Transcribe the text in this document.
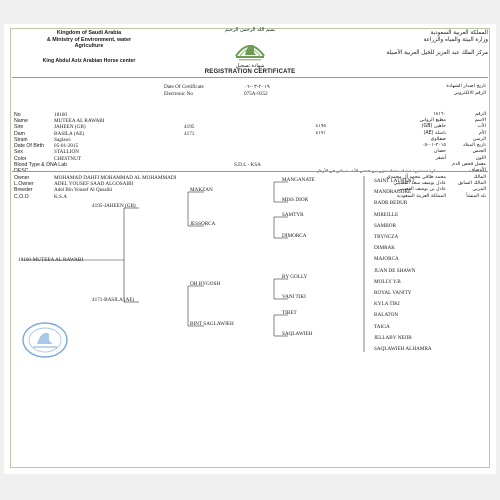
Kingdom of Saudi Arabia
& Ministry of Environment, water
Agriculture
King Abdul Aziz Arabian Horse center
بسم الله الرحمن الرحيم	المملكة العربية السعودية
وزارة البيئة والمياه والزراعة
مركز الملك عبد العزيز للخيل العربية الأصيلة
شهادة تسجيل
REGISTRATION CERTIFICATE
Date Of Certificate	٢٠١٩-٠٣-٠٦	تاريخ اصدار الشهادة
Electronic No	075A-9352	الرقم الالكتروني
No	18160	١٨١٦٠	الرقم
Name	MUTEEA AL RAWABI	مطيع الروابي	الاسم
Sire	JAHEEN (GB)	4195	٤١٩٥	جاهين (GB)	الأب
Dam	BASILA (AE)	4171	٤١٧١	باسلة (AE)	الأم
Strain	Saglawi	صقلاوي	الرسن
Date Of Birth 05-01-2015	٢٠١٥-٠١-٠٥	تاريخ الميلاد
Sex	STALLION	حصان	الجنس
Color	CHESTNUT	أشقر	اللون
Blood Type & DNA Lab	S.D.L - KSA	معمل فحص الدم
Owner	MOHAMAD DAHFI MOHAMMAD AL MOHAMMADI	محمد ظافي محمد آل محمدي	المالك
L.Owner	ADEL YOUSEF SAAD ALGOSAIBI	عادل يوسف سعد القصيبي	المالك السابق
Breeder	Adel Bin Yousef Al Qusaibi	عادل بن يوسف القصيبي	المربي
C.O.O	K.S.A	المملكة العربية السعودية	بلد المنشأ
18160-MUTEEA AL RAWABI
4195-JAHEEN (GB)
4171-BASILA (AE)
MAKZAN
JESSORCA
OH BYGOSH
BINT SAGLAWIEH
MANGANATE
MISS DIOR
SAMTYR
DIMORCA
BY GOLLY
VANI TIKI
TIBET
SAQLAWIEH
SAINT LAURENT
MANDRAGORE
BADR BEDUR
MIREILLE
SAMBOR
TRYNCZA
DIMRAK
MAJORCA
JUAN DE SHAWN
MOLLY Y.B
ROYAL VANITY
KYLA TIKI
BALATON
TAIGA
JELLABY NEJIB
SAQLAWIEH ALHAMRA
